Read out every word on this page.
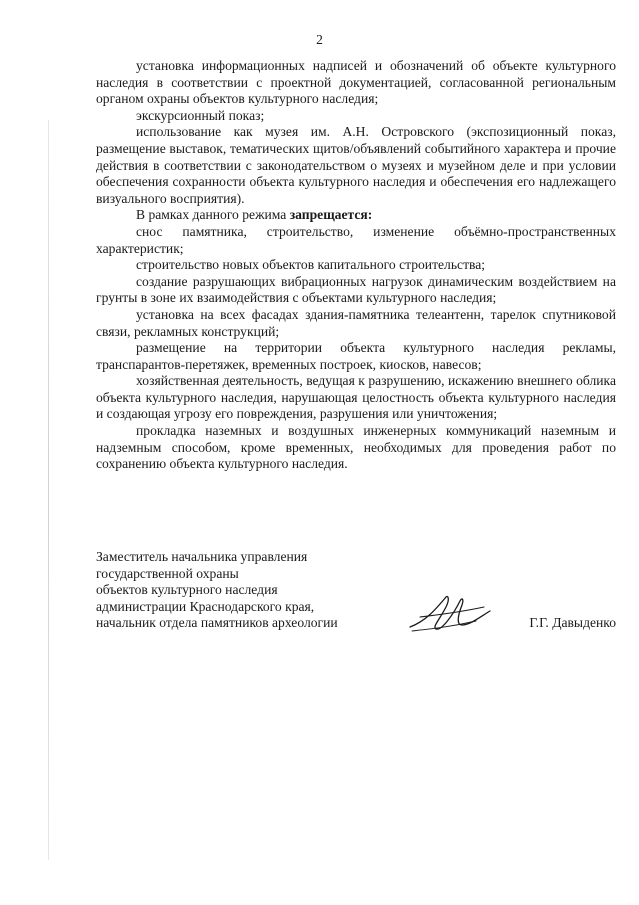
2

установка информационных надписей и обозначений об объекте культурного наследия в соответствии с проектной документацией, согласованной региональным органом охраны объектов культурного наследия;

экскурсионный показ;

использование как музея им. А.Н. Островского (экспозиционный показ, размещение выставок, тематических щитов/объявлений событийного характера и прочие действия в соответствии с законодательством о музеях и музейном деле и при условии обеспечения сохранности объекта культурного наследия и обеспечения его надлежащего визуального восприятия).

В рамках данного режима запрещается:

снос памятника, строительство, изменение объёмно-пространственных характеристик;

строительство новых объектов капитального строительства;

создание разрушающих вибрационных нагрузок динамическим воздействием на грунты в зоне их взаимодействия с объектами культурного наследия;

установка на всех фасадах здания-памятника телеантенн, тарелок спутниковой связи, рекламных конструкций;

размещение на территории объекта культурного наследия рекламы, транспарантов-перетяжек, временных построек, киосков, навесов;

хозяйственная деятельность, ведущая к разрушению, искажению внешнего облика объекта культурного наследия, нарушающая целостность объекта культурного наследия и создающая угрозу его повреждения, разрушения или уничтожения;

прокладка наземных и воздушных инженерных коммуникаций наземным и надземным способом, кроме временных, необходимых для проведения работ по сохранению объекта культурного наследия.

Заместитель начальника управления
государственной охраны
объектов культурного наследия
администрации Краснодарского края,
начальник отдела памятников археологии	Г.Г. Давыденко
